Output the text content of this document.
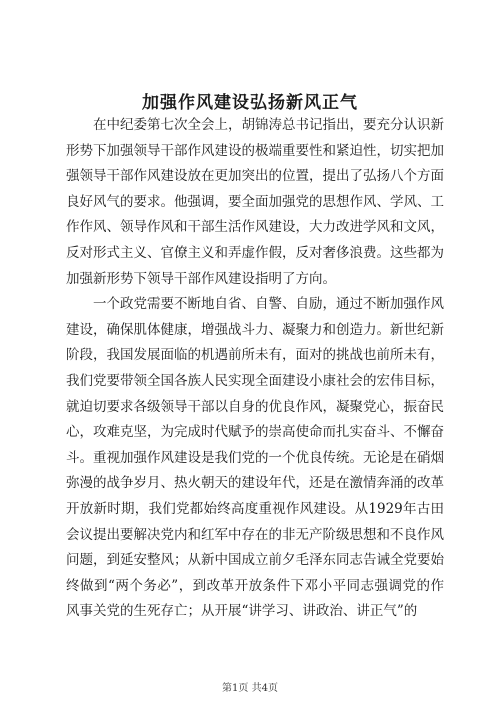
加强作风建设弘扬新风正气

在中纪委第七次全会上，胡锦涛总书记指出，要充分认识新形势下加强领导干部作风建设的极端重要性和紧迫性，切实把加强领导干部作风建设放在更加突出的位置，提出了弘扬八个方面良好风气的要求。他强调，要全面加强党的思想作风、学风、工作作风、领导作风和干部生活作风建设，大力改进学风和文风，反对形式主义、官僚主义和弄虚作假，反对奢侈浪费。这些都为加强新形势下领导干部作风建设指明了方向。

一个政党需要不断地自省、自警、自励，通过不断加强作风建设，确保肌体健康，增强战斗力、凝聚力和创造力。新世纪新阶段，我国发展面临的机遇前所未有，面对的挑战也前所未有，我们党要带领全国各族人民实现全面建设小康社会的宏伟目标，就迫切要求各级领导干部以自身的优良作风，凝聚党心，振奋民心，攻难克坚，为完成时代赋予的崇高使命而扎实奋斗、不懈奋斗。重视加强作风建设是我们党的一个优良传统。无论是在硝烟弥漫的战争岁月、热火朝天的建设年代，还是在激情奔涌的改革开放新时期，我们党都始终高度重视作风建设。从1929年古田会议提出要解决党内和红军中存在的非无产阶级思想和不良作风问题，到延安整风；从新中国成立前夕毛泽东同志告诫全党要始终做到“两个务必”，到改革开放条件下邓小平同志强调党的作风事关党的生死存亡；从开展“讲学习、讲政治、讲正气”的

第1页 共4页
